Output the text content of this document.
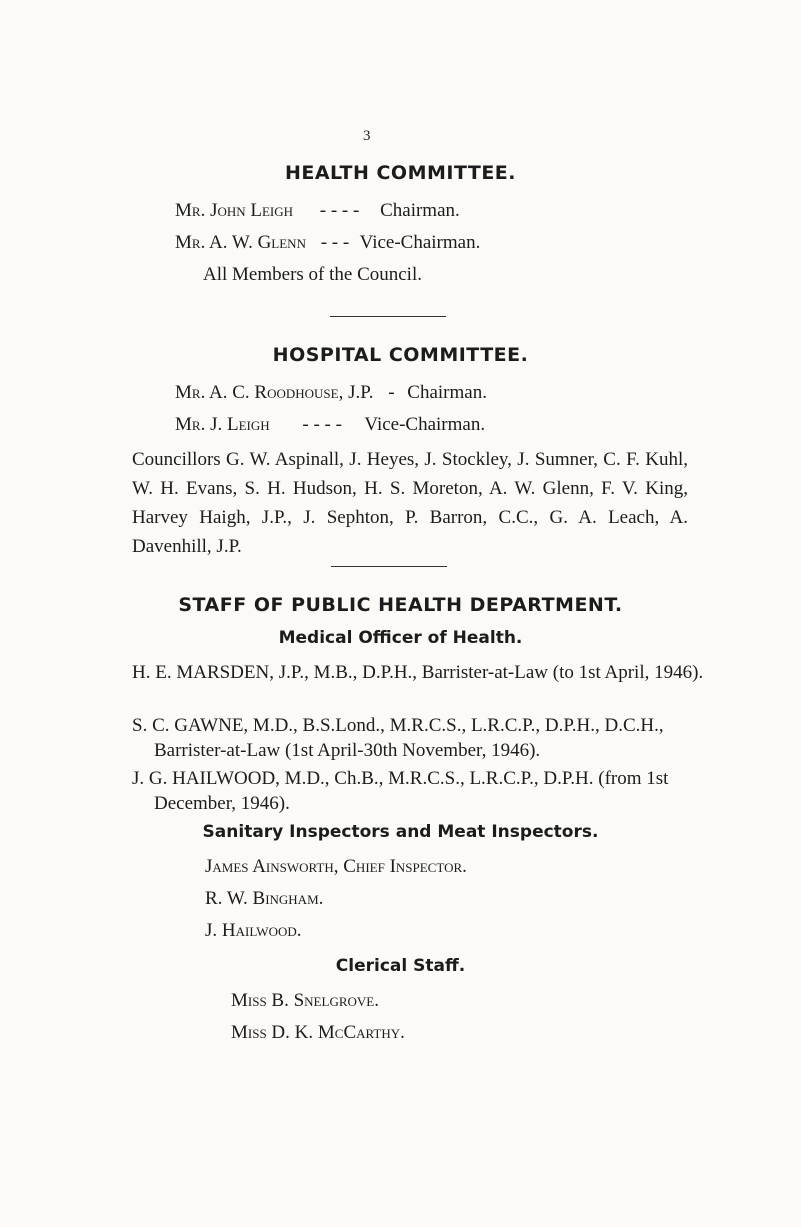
3
HEALTH COMMITTEE.
Mr. John Leigh - - - - Chairman.
Mr. A. W. Glenn - - - Vice-Chairman.
All Members of the Council.
HOSPITAL COMMITTEE.
Mr. A. C. Roodhouse, J.P. - Chairman.
Mr. J. Leigh - - - - Vice-Chairman.
Councillors G. W. Aspinall, J. Heyes, J. Stockley, J. Sumner, C. F. Kuhl, W. H. Evans, S. H. Hudson, H. S. Moreton, A. W. Glenn, F. V. King, Harvey Haigh, J.P., J. Sephton, P. Barron, C.C., G. A. Leach, A. Davenhill, J.P.
STAFF OF PUBLIC HEALTH DEPARTMENT.
Medical Officer of Health.
H. E. MARSDEN, J.P., M.B., D.P.H., Barrister-at-Law (to 1st April, 1946).
S. C. GAWNE, M.D., B.S.Lond., M.R.C.S., L.R.C.P., D.P.H., D.C.H., Barrister-at-Law (1st April-30th November, 1946).
J. G. HAILWOOD, M.D., Ch.B., M.R.C.S., L.R.C.P., D.P.H. (from 1st December, 1946).
Sanitary Inspectors and Meat Inspectors.
James Ainsworth, Chief Inspector.
R. W. Bingham.
J. Hailwood.
Clerical Staff.
Miss B. Snelgrove.
Miss D. K. McCarthy.
